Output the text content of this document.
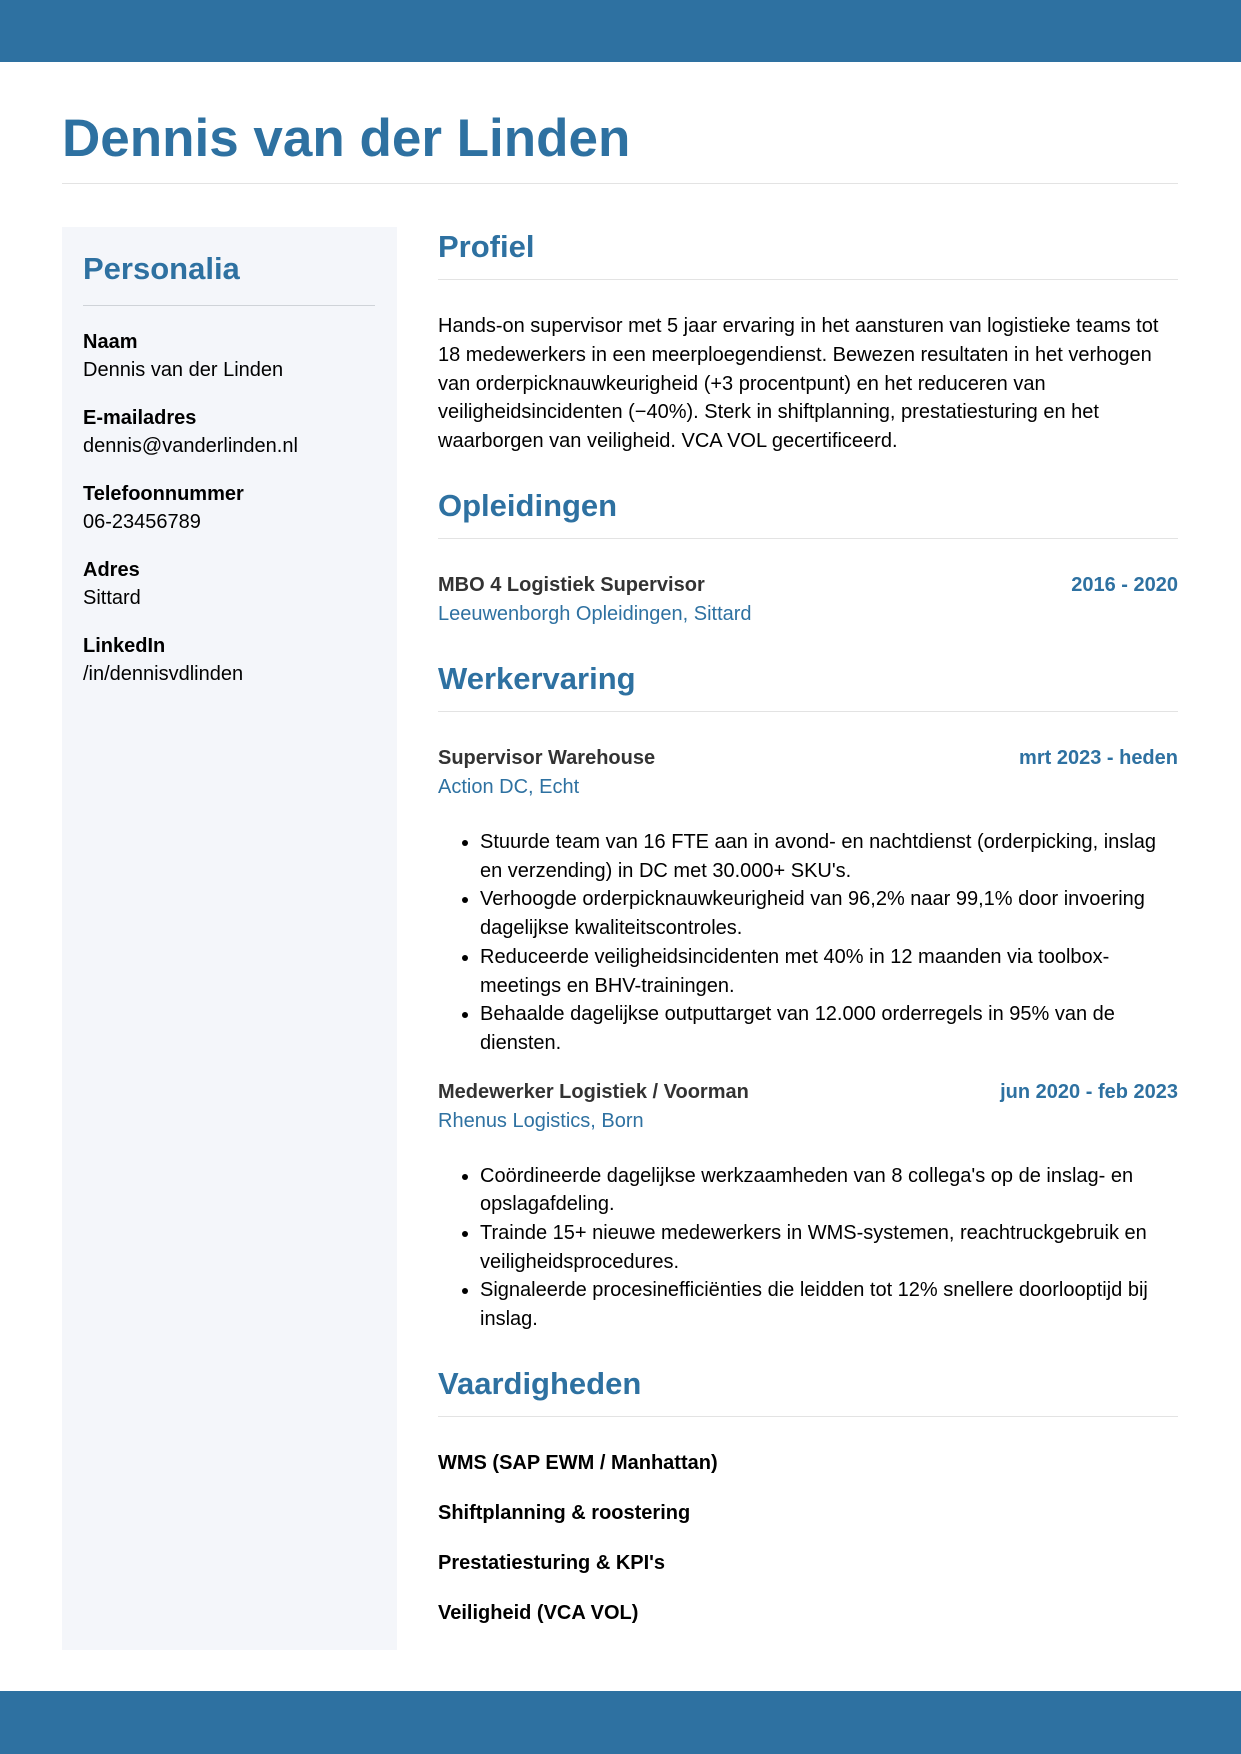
Dennis van der Linden
Personalia
Naam
Dennis van der Linden
E-mailadres
dennis@vanderlinden.nl
Telefoonnummer
06-23456789
Adres
Sittard
LinkedIn
/in/dennisvdlinden
Profiel

Hands-on supervisor met 5 jaar ervaring in het aansturen van logistieke teams tot 18 medewerkers in een meerploegendienst. Bewezen resultaten in het verhogen van orderpicknauwkeurigheid (+3 procentpunt) en het reduceren van veiligheidsincidenten (−40%). Sterk in shiftplanning, prestatiesturing en het waarborgen van veiligheid. VCA VOL gecertificeerd.

Opleidingen
MBO 4 Logistiek Supervisor	2016 - 2020
Leeuwenborgh Opleidingen, Sittard
Werkervaring
Supervisor Warehouse	mrt 2023 - heden
Action DC, Echt
• Stuurde team van 16 FTE aan in avond- en nachtdienst (orderpicking, inslag en verzending) in DC met 30.000+ SKU's.
• Verhoogde orderpicknauwkeurigheid van 96,2% naar 99,1% door invoering dagelijkse kwaliteitscontroles.
• Reduceerde veiligheidsincidenten met 40% in 12 maanden via toolbox-meetings en BHV-trainingen.
• Behaalde dagelijkse outputtarget van 12.000 orderregels in 95% van de diensten.
Medewerker Logistiek / Voorman	jun 2020 - feb 2023
Rhenus Logistics, Born
• Coördineerde dagelijkse werkzaamheden van 8 collega's op de inslag- en opslagafdeling.
• Trainde 15+ nieuwe medewerkers in WMS-systemen, reachtruckgebruik en veiligheidsprocedures.
• Signaleerde procesinefficiënties die leidden tot 12% snellere doorlooptijd bij inslag.
Vaardigheden
WMS (SAP EWM / Manhattan)
Shiftplanning & roostering
Prestatiesturing & KPI's
Veiligheid (VCA VOL)
